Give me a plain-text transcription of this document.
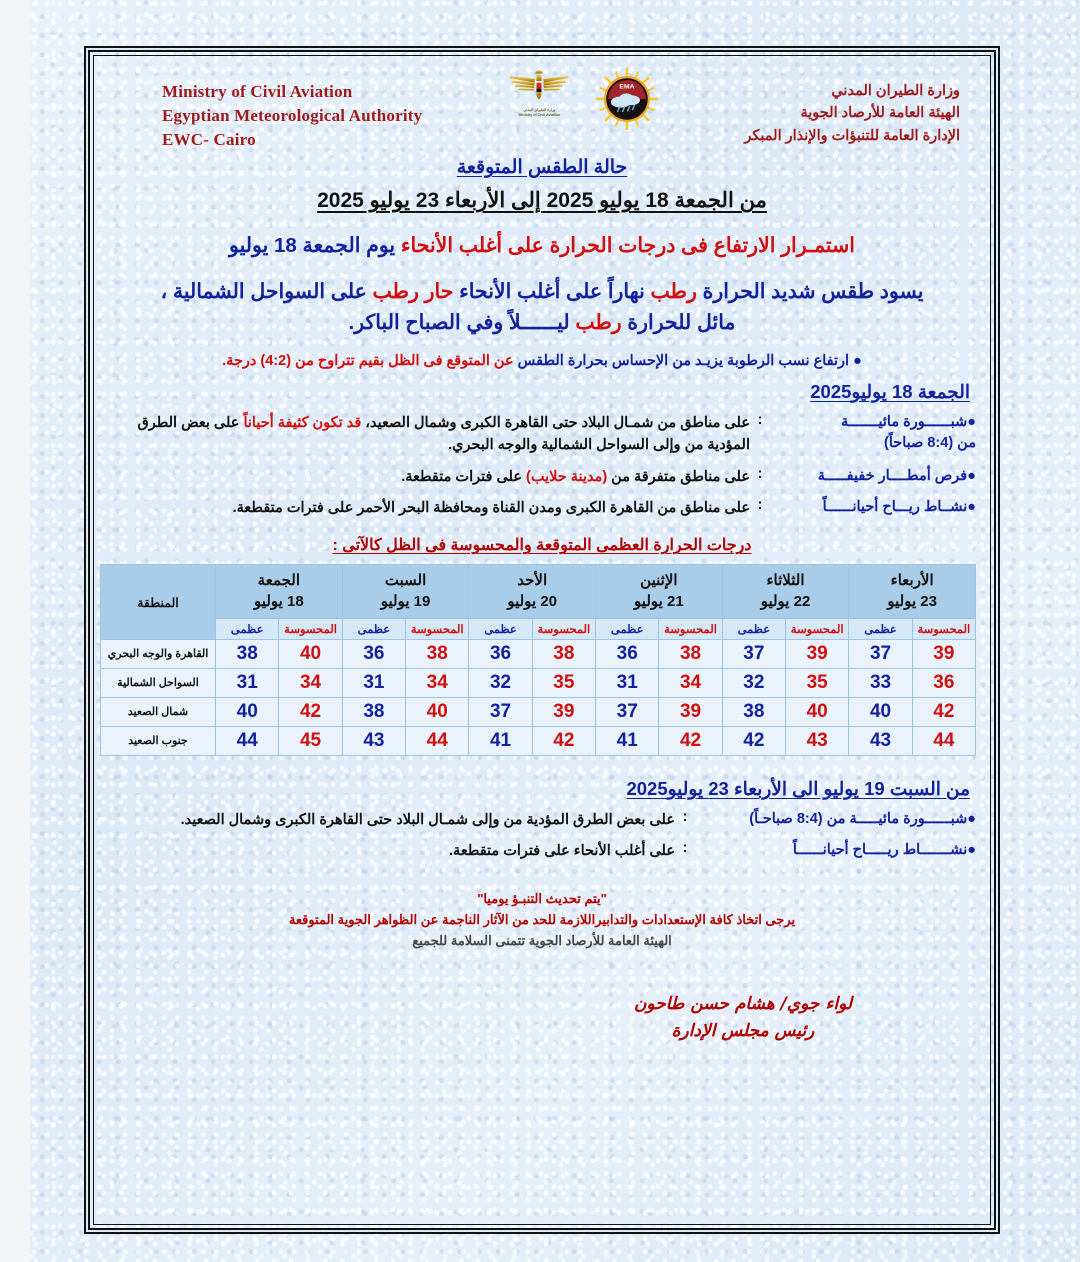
Ministry of Civil Aviation
Egyptian Meteorological Authority
EWC- Cairo
وزارة الطيران المدني
Ministry of Civil Aviation
EMA	وزارة الطيران المدني
الهيئة العامة للأرصاد الجوية
الإدارة العامة للتنبؤات والإنذار المبكر
حالة الطقس المتوقعة
من الجمعة 18 يوليو 2025 إلى الأربعاء 23 يوليو 2025
استمـرار الارتفاع فى درجات الحرارة على أغلب الأنحاء يوم الجمعة 18 يوليو
يسود طقس شديد الحرارة رطب نهاراً على أغلب الأنحاء حار رطب على السواحل الشمالية ،
مائل للحرارة رطب ليــــــلاً وفي الصباح الباكر.
● ارتفاع نسب الرطوبة يزيـد من الإحساس بحرارة الطقس عن المتوقع فى الظل بقيم تتراوح من (4:2) درجة.
الجمعة 18 يوليو2025
●شبــــــورة مائيـــــــة
من (8:4 صباحاً)
:
على مناطق من شمـال البلاد حتى القاهرة الكبرى وشمال الصعيد، قد تكون كثيفة أحياناً على بعض الطرق المؤدية من وإلى السواحل الشمالية والوجه البحري.
●فرص أمطــــار خفيفـــــة
:
على مناطق متفرقة من (مدينة حلايب) على فترات متقطعة.
●نشــاط ريـــاح أحيانــــــاً
:
على مناطق من القاهرة الكبرى ومدن القناة ومحافظة البحر الأحمر على فترات متقطعة.
درجات الحرارة العظمى المتوقعة والمحسوسة فى الظل كالآتى :
الأربعاء
23 يوليو

الثلاثاء
22 يوليو

الإثنين
21 يوليو

الأحد
20 يوليو

السبت
19 يوليو

الجمعة
18 يوليو
	المنطقة
المحسوسة	عظمى	المحسوسة	عظمى	المحسوسة	عظمى	المحسوسة	عظمى	المحسوسة	عظمى	المحسوسة	عظمى	
39	37	39	37	38	36	38	36	38	36	40	38	القاهرة والوجه البحري
36	33	35	32	34	31	35	32	34	31	34	31	السواحل الشمالية
42	40	40	38	39	37	39	37	40	38	42	40	شمال الصعيد
44	43	43	42	42	41	42	41	44	43	45	44	جنوب الصعيد
من السبت 19 يوليو الى الأربعاء 23 يوليو2025
●شبــــــورة مائيـــــة من (8:4 صباحـاً)
:
على بعض الطرق المؤدية من وإلى شمـال البلاد حتى القاهرة الكبرى وشمال الصعيد.
●نشـــــــاط ريـــــاح أحيانــــــاً
:
على أغلب الأنحاء على فترات متقطعة.
"يتم تحديث التنبـؤ يوميا"
يرجى اتخاذ كافة الإستعدادات والتدابيراللازمة للحد من الآثار الناجمة عن الظواهر الجوية المتوقعة
الهيئة العامة للأرصاد الجوية تتمنى السلامة للجميع
لواء جوي/ هشام حسن طاحون
رئيس مجلس الإدارة
